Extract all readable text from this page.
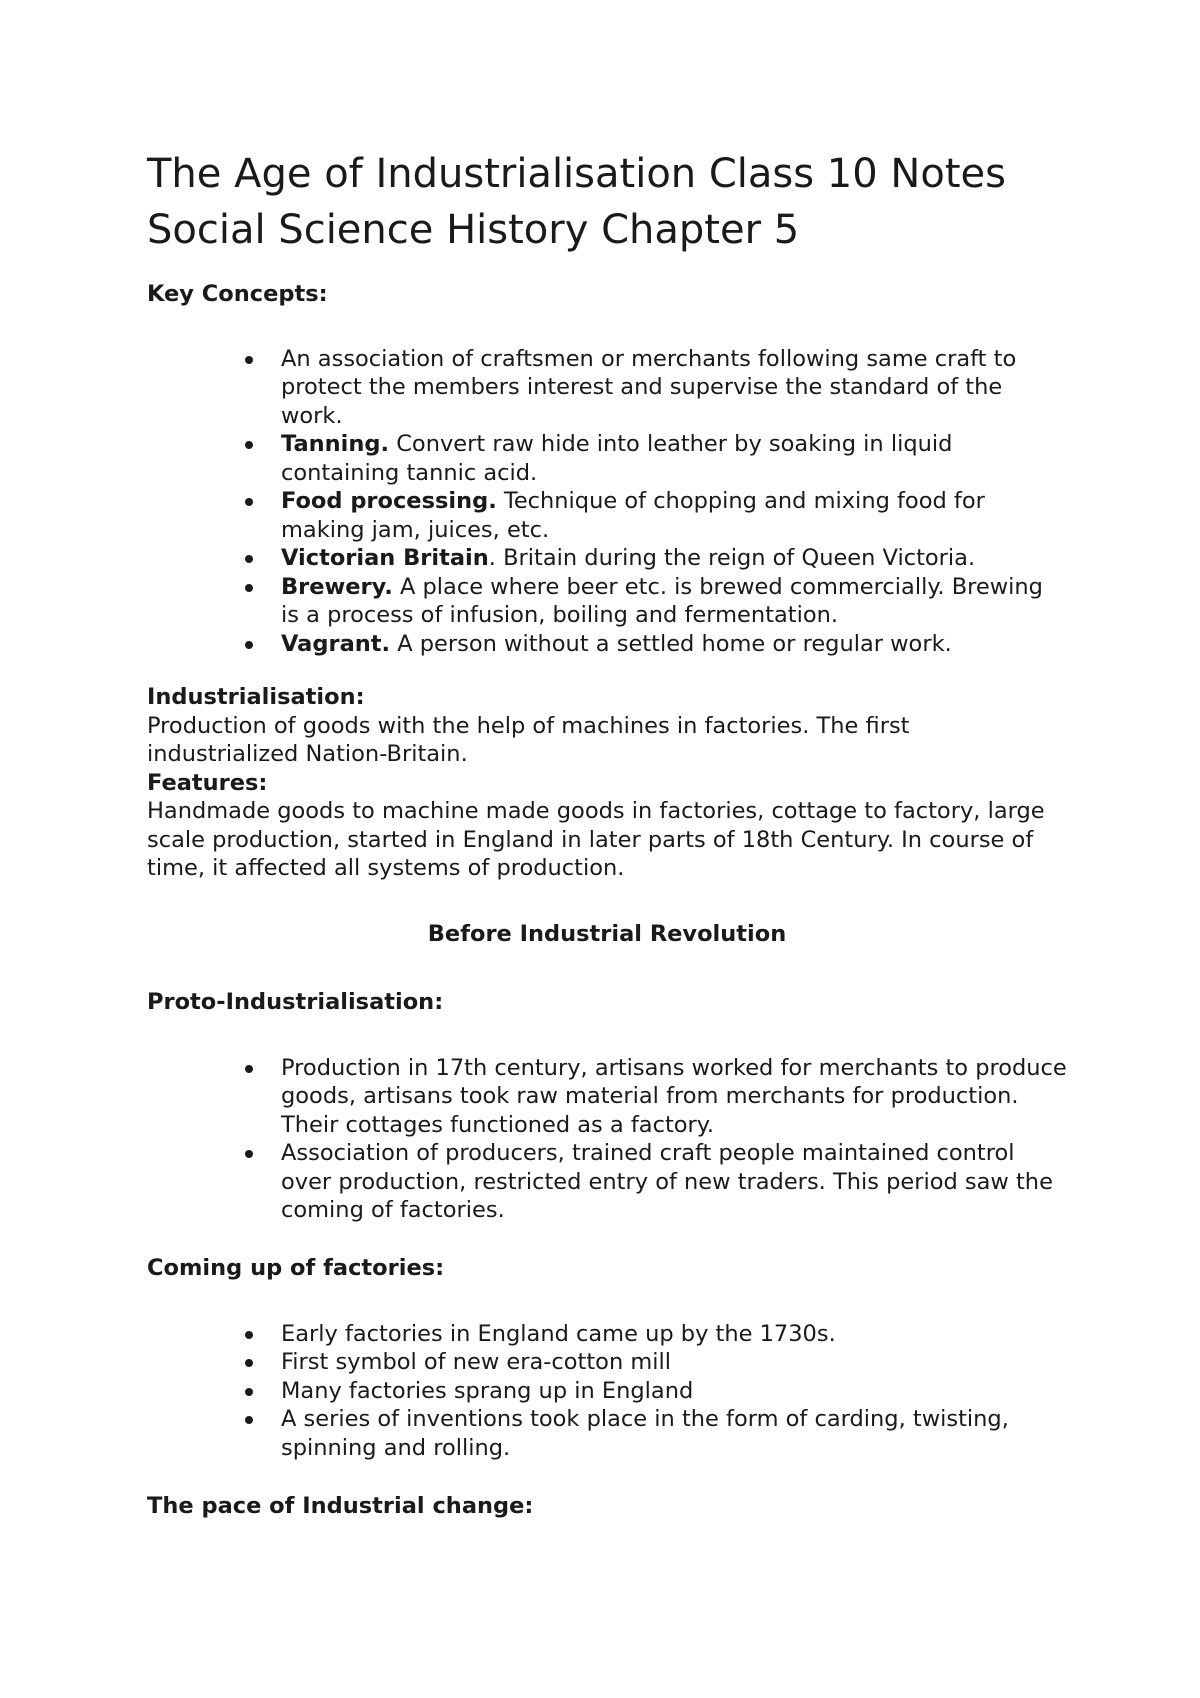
The Age of Industrialisation Class 10 Notes Social Science History Chapter 5

Key Concepts:

An association of craftsmen or merchants following same craft to protect the members interest and supervise the standard of the work.
Tanning. Convert raw hide into leather by soaking in liquid containing tannic acid.
Food processing. Technique of chopping and mixing food for making jam, juices, etc.
Victorian Britain. Britain during the reign of Queen Victoria.
Brewery. A place where beer etc. is brewed commercially. Brewing is a process of infusion, boiling and fermentation.
Vagrant. A person without a settled home or regular work.

Industrialisation:

Production of goods with the help of machines in factories. The first industrialized Nation-Britain.

Features:

Handmade goods to machine made goods in factories, cottage to factory, large scale production, started in England in later parts of 18th Century. In course of time, it affected all systems of production.

Before Industrial Revolution

Proto-Industrialisation:

Production in 17th century, artisans worked for merchants to produce goods, artisans took raw material from merchants for production. Their cottages functioned as a factory.
Association of producers, trained craft people maintained control over production, restricted entry of new traders. This period saw the coming of factories.

Coming up of factories:

Early factories in England came up by the 1730s.
First symbol of new era-cotton mill
Many factories sprang up in England
A series of inventions took place in the form of carding, twisting, spinning and rolling.

The pace of Industrial change:
